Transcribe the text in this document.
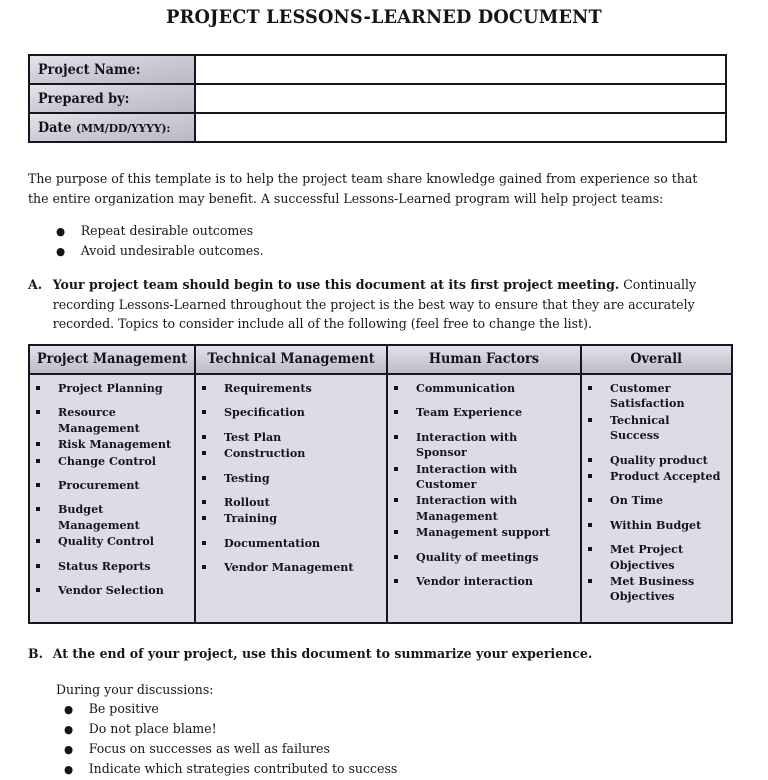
PROJECT LESSONS-LEARNED DOCUMENT
Project Name:	

Prepared by:	

Date (MM/DD/YYYY):	
The purpose of this template is to help the project team share knowledge gained from experience so that the entire organization may benefit. A successful Lessons-Learned program will help project teams:
●	Repeat desirable outcomes
●	Avoid undesirable outcomes.
A. Your project team should begin to use this document at its first project meeting. Continually recording Lessons-Learned throughout the project is the best way to ensure that they are accurately recorded. Topics to consider include all of the following (feel free to change the list).
Project Management	Technical Management	Human Factors	Overall

Project Planning
Resource Management
Risk Management
Change Control
Procurement
Budget Management
Quality Control
Status Reports
Vendor Selection

Requirements
Specification
Test Plan
Construction
Testing
Rollout
Training
Documentation
Vendor Management

Communication
Team Experience
Interaction with Sponsor
Interaction with Customer
Interaction with Management
Management support
Quality of meetings
Vendor interaction

Customer Satisfaction
Technical Success
Quality product
Product Accepted
On Time
Within Budget
Met Project Objectives
Met Business Objectives
B. At the end of your project, use this document to summarize your experience.
During your discussions:
●	Be positive
●	Do not place blame!
●	Focus on successes as well as failures
●	Indicate which strategies contributed to success
